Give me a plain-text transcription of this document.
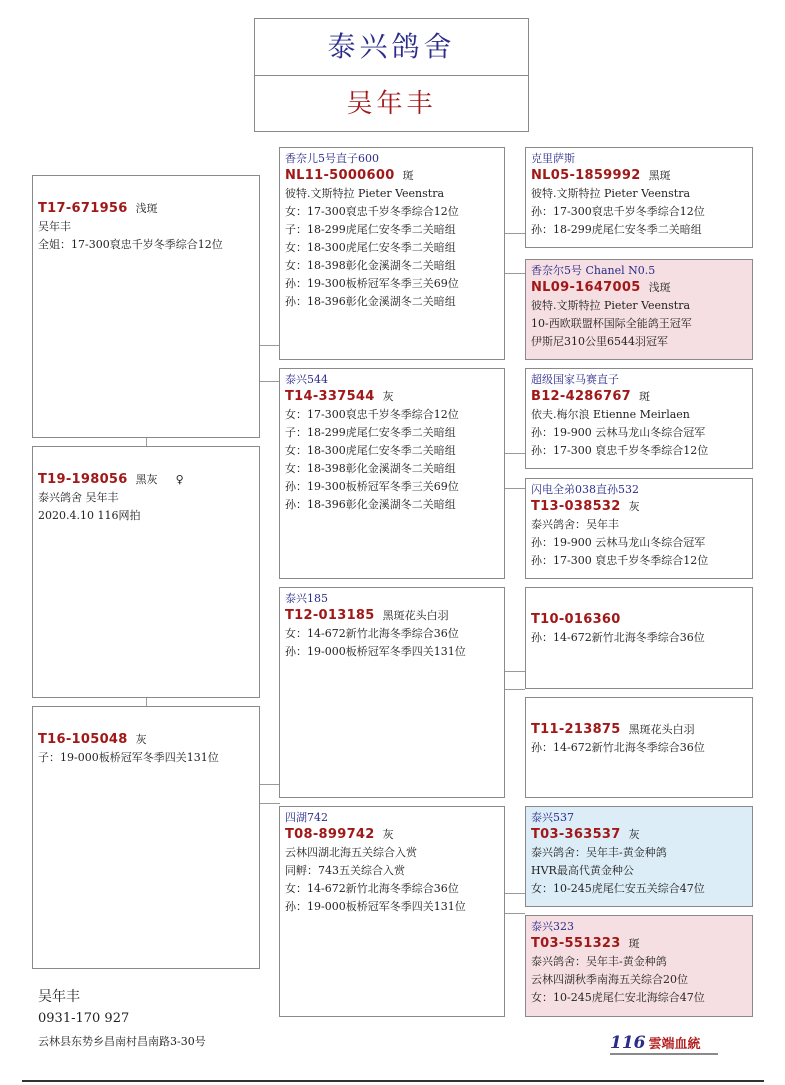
泰兴鸽舍
吴年丰
T17-671956 浅斑
吴年丰
全姐：17-300裒忠千岁冬季综合12位
T19-198056 黑灰 ♀
泰兴鸽舍 吴年丰
2020.4.10 116网拍
T16-105048 灰
子：19-000板桥冠军冬季四关131位
香奈儿5号直子600
NL11-5000600 斑
彼特.文斯特拉 Pieter Veenstra
女：17-300裒忠千岁冬季综合12位
子：18-299虎尾仁安冬季二关暗组
女：18-300虎尾仁安冬季二关暗组
女：18-398彰化金溪湖冬二关暗组
孙：19-300板桥冠军冬季三关69位
孙：18-396彰化金溪湖冬二关暗组
泰兴544
T14-337544 灰
女：17-300裒忠千岁冬季综合12位
子：18-299虎尾仁安冬季二关暗组
女：18-300虎尾仁安冬季二关暗组
女：18-398彰化金溪湖冬二关暗组
孙：19-300板桥冠军冬季三关69位
孙：18-396彰化金溪湖冬二关暗组
泰兴185
T12-013185 黑斑花头白羽
女：14-672新竹北海冬季综合36位
孙：19-000板桥冠军冬季四关131位
四湖742
T08-899742 灰
云林四湖北海五关综合入赏
同孵：743五关综合入赏
女：14-672新竹北海冬季综合36位
孙：19-000板桥冠军冬季四关131位
克里萨斯
NL05-1859992 黑斑
彼特.文斯特拉 Pieter Veenstra
孙：17-300裒忠千岁冬季综合12位
孙：18-299虎尾仁安冬季二关暗组
香奈尔5号 Chanel N0.5
NL09-1647005 浅斑
彼特.文斯特拉 Pieter Veenstra
10-西欧联盟杯国际全能鸽王冠军
伊斯尼310公里6544羽冠军
超级国家马赛直子
B12-4286767 斑
依夫.梅尔浪 Etienne Meirlaen
孙：19-900 云林马龙山冬综合冠军
孙：17-300 裒忠千岁冬季综合12位
闪电全弟038直孙532
T13-038532 灰
泰兴鸽舍：吴年丰
孙：19-900 云林马龙山冬综合冠军
孙：17-300 裒忠千岁冬季综合12位
T10-016360
孙：14-672新竹北海冬季综合36位
T11-213875 黑斑花头白羽
孙：14-672新竹北海冬季综合36位
泰兴537
T03-363537 灰
泰兴鸽舍：吴年丰-黄金种鸽
HVR最高代黄金种公
女：10-245虎尾仁安五关综合47位
泰兴323
T03-551323 斑
泰兴鸽舍：吴年丰-黄金种鸽
云林四湖秋季南海五关综合20位
女：10-245虎尾仁安北海综合47位
吴年丰
0931-170 927
云林县东势乡昌南村昌南路3-30号	116 雲端血統
